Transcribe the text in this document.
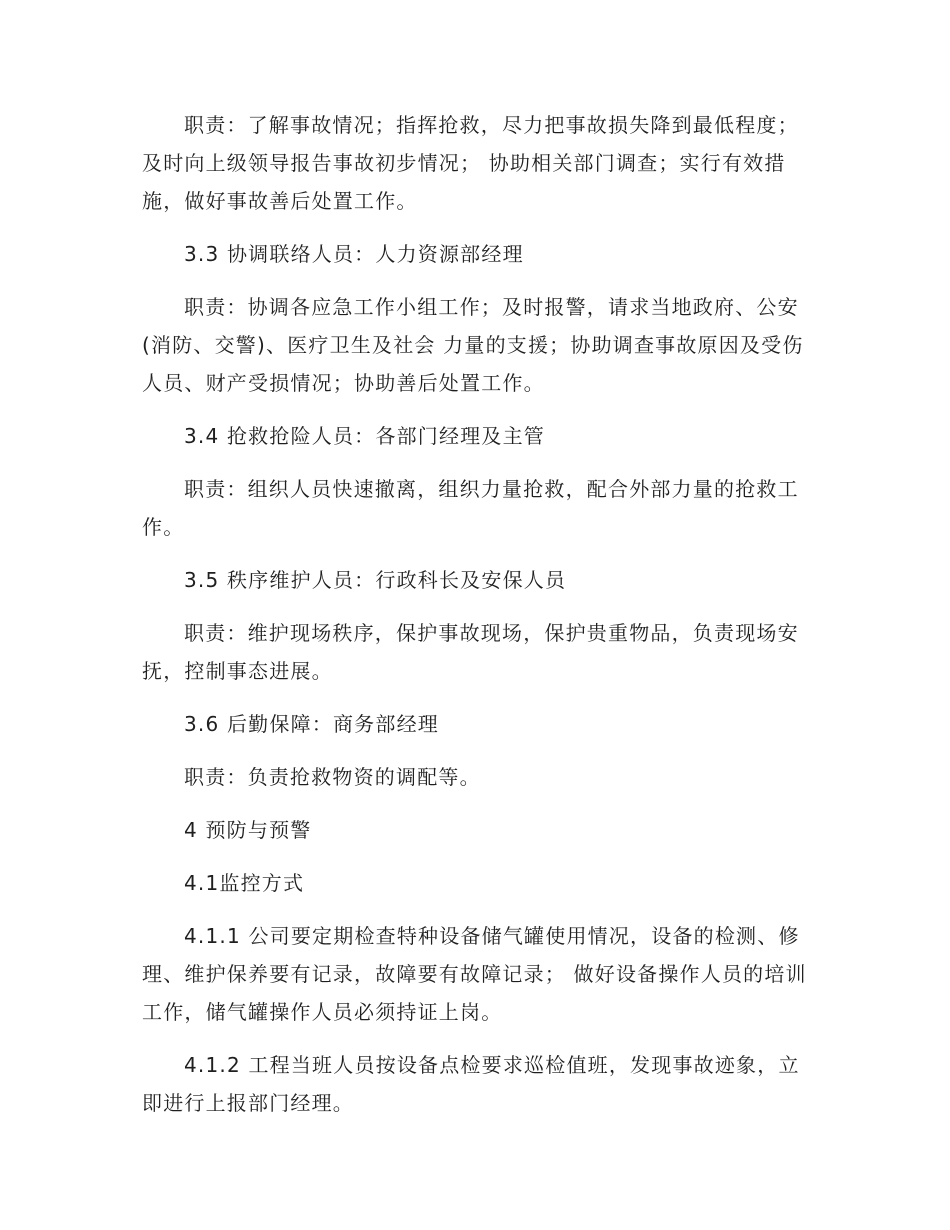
职责：了解事故情况；指挥抢救，尽力把事故损失降到最低程度；及时向上级领导报告事故初步情况； 协助相关部门调查；实行有效措施，做好事故善后处置工作。

3.3 协调联络人员：人力资源部经理

职责：协调各应急工作小组工作；及时报警，请求当地政府、公安(消防、交警)、医疗卫生及社会 力量的支援；协助调查事故原因及受伤人员、财产受损情况；协助善后处置工作。

3.4 抢救抢险人员：各部门经理及主管

职责：组织人员快速撤离，组织力量抢救，配合外部力量的抢救工作。

3.5 秩序维护人员：行政科长及安保人员

职责：维护现场秩序，保护事故现场，保护贵重物品，负责现场安抚，控制事态进展。

3.6 后勤保障：商务部经理

职责：负责抢救物资的调配等。

4 预防与预警

4.1监控方式

4.1.1 公司要定期检查特种设备储气罐使用情况，设备的检测、修理、维护保养要有记录，故障要有故障记录； 做好设备操作人员的培训工作，储气罐操作人员必须持证上岗。

4.1.2 工程当班人员按设备点检要求巡检值班，发现事故迹象，立即进行上报部门经理。
